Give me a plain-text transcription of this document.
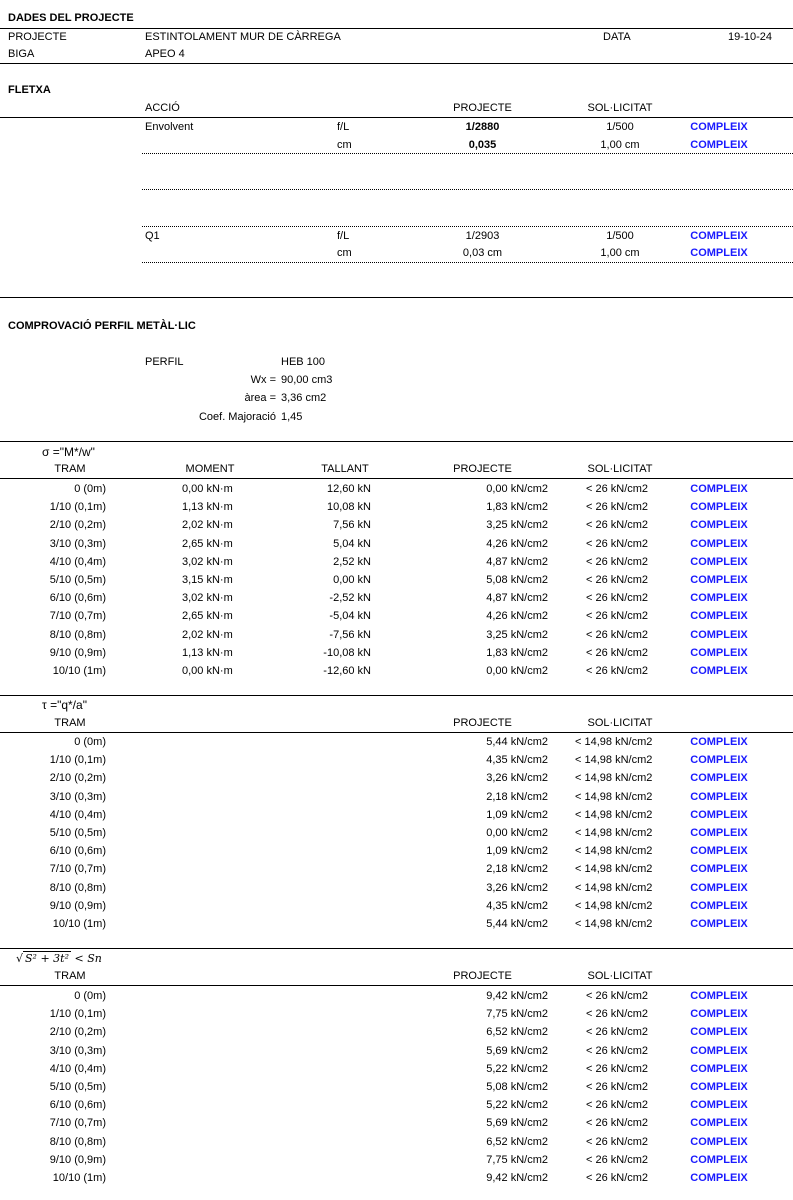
DADES DEL PROJECTE
PROJECTE	ESTINTOLAMENT MUR DE CÀRREGA	DATA	19-10-24
BIGA	APEO 4
FLETXA
ACCIÓ	PROJECTE	SOL·LICITAT
Envolvent	f/L	1/2880	1/500	COMPLEIX
cm	0,035	1,00 cm	COMPLEIX
Q1	f/L	1/2903	1/500	COMPLEIX
cm	0,03 cm	1,00 cm	COMPLEIX
COMPROVACIÓ PERFIL METÀL·LIC
PERFIL	HEB 100
Wx = 90,00 cm3
àrea = 3,36 cm2
Coef. Majoració 1,45
σ ="M*/w"
TRAM	MOMENT	TALLANT	PROJECTE	SOL·LICITAT
0 (0m)	0,00 kN·m	12,60 kN	0,00 kN/cm2	< 26 kN/cm2	COMPLEIX
1/10 (0,1m)	1,13 kN·m	10,08 kN	1,83 kN/cm2	< 26 kN/cm2	COMPLEIX
2/10 (0,2m)	2,02 kN·m	7,56 kN	3,25 kN/cm2	< 26 kN/cm2	COMPLEIX
3/10 (0,3m)	2,65 kN·m	5,04 kN	4,26 kN/cm2	< 26 kN/cm2	COMPLEIX
4/10 (0,4m)	3,02 kN·m	2,52 kN	4,87 kN/cm2	< 26 kN/cm2	COMPLEIX
5/10 (0,5m)	3,15 kN·m	0,00 kN	5,08 kN/cm2	< 26 kN/cm2	COMPLEIX
6/10 (0,6m)	3,02 kN·m	-2,52 kN	4,87 kN/cm2	< 26 kN/cm2	COMPLEIX
7/10 (0,7m)	2,65 kN·m	-5,04 kN	4,26 kN/cm2	< 26 kN/cm2	COMPLEIX
8/10 (0,8m)	2,02 kN·m	-7,56 kN	3,25 kN/cm2	< 26 kN/cm2	COMPLEIX
9/10 (0,9m)	1,13 kN·m	-10,08 kN	1,83 kN/cm2	< 26 kN/cm2	COMPLEIX
10/10 (1m)	0,00 kN·m	-12,60 kN	0,00 kN/cm2	< 26 kN/cm2	COMPLEIX
τ ="q*/a"
TRAM	PROJECTE	SOL·LICITAT
0 (0m)	5,44 kN/cm2 < 14,98 kN/cm2	COMPLEIX
1/10 (0,1m)	4,35 kN/cm2 < 14,98 kN/cm2	COMPLEIX
2/10 (0,2m)	3,26 kN/cm2 < 14,98 kN/cm2	COMPLEIX
3/10 (0,3m)	2,18 kN/cm2 < 14,98 kN/cm2	COMPLEIX
4/10 (0,4m)	1,09 kN/cm2 < 14,98 kN/cm2	COMPLEIX
5/10 (0,5m)	0,00 kN/cm2 < 14,98 kN/cm2	COMPLEIX
6/10 (0,6m)	1,09 kN/cm2 < 14,98 kN/cm2	COMPLEIX
7/10 (0,7m)	2,18 kN/cm2 < 14,98 kN/cm2	COMPLEIX
8/10 (0,8m)	3,26 kN/cm2 < 14,98 kN/cm2	COMPLEIX
9/10 (0,9m)	4,35 kN/cm2 < 14,98 kN/cm2	COMPLEIX
10/10 (1m)	5,44 kN/cm2 < 14,98 kN/cm2	COMPLEIX
√ S² + 3t² < Sn
TRAM	PROJECTE	SOL·LICITAT
0 (0m)	9,42 kN/cm2	< 26 kN/cm2	COMPLEIX
1/10 (0,1m)	7,75 kN/cm2	< 26 kN/cm2	COMPLEIX
2/10 (0,2m)	6,52 kN/cm2	< 26 kN/cm2	COMPLEIX
3/10 (0,3m)	5,69 kN/cm2	< 26 kN/cm2	COMPLEIX
4/10 (0,4m)	5,22 kN/cm2	< 26 kN/cm2	COMPLEIX
5/10 (0,5m)	5,08 kN/cm2	< 26 kN/cm2	COMPLEIX
6/10 (0,6m)	5,22 kN/cm2	< 26 kN/cm2	COMPLEIX
7/10 (0,7m)	5,69 kN/cm2	< 26 kN/cm2	COMPLEIX
8/10 (0,8m)	6,52 kN/cm2	< 26 kN/cm2	COMPLEIX
9/10 (0,9m)	7,75 kN/cm2	< 26 kN/cm2	COMPLEIX
10/10 (1m)	9,42 kN/cm2	< 26 kN/cm2	COMPLEIX
